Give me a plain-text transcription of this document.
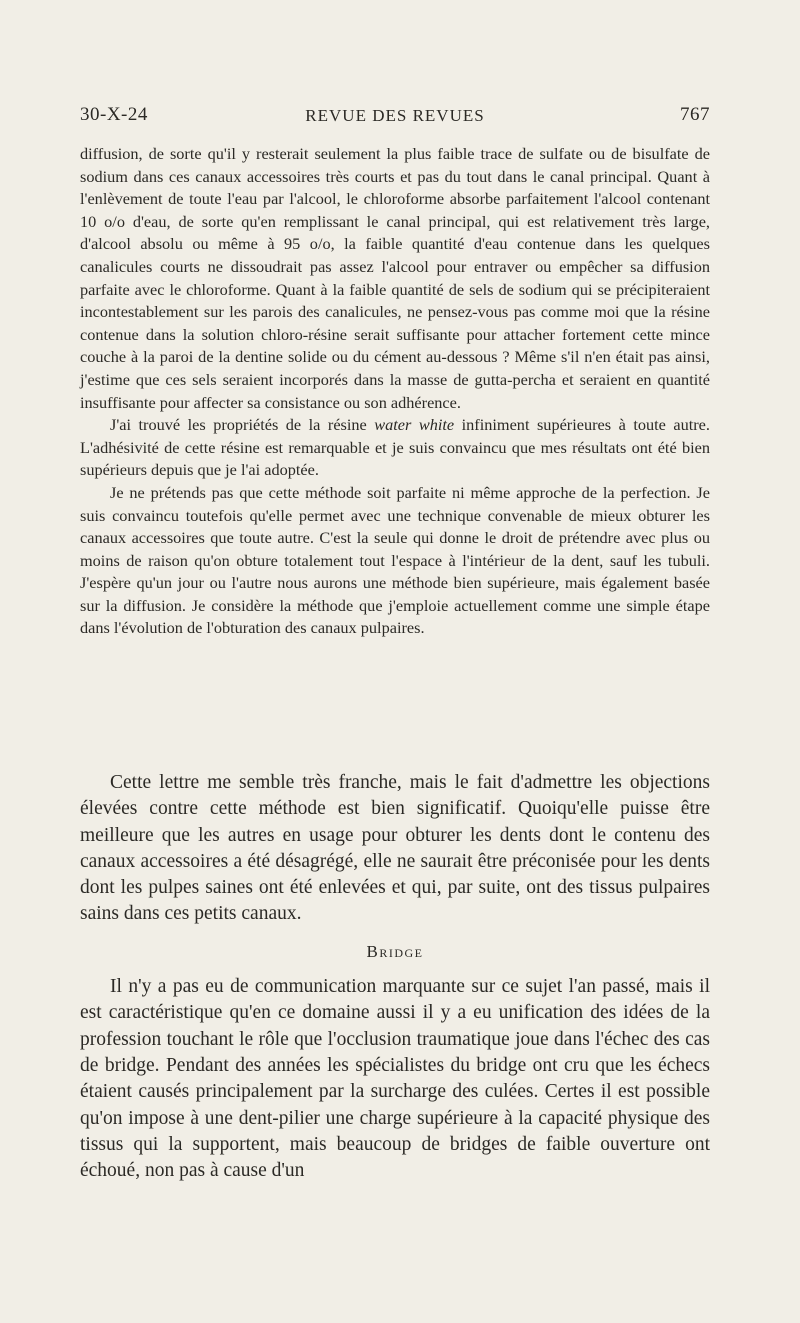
30-X-24	REVUE DES REVUES	767

diffusion, de sorte qu'il y resterait seulement la plus faible trace de sulfate ou de bisulfate de sodium dans ces canaux accessoires très courts et pas du tout dans le canal principal. Quant à l'enlèvement de toute l'eau par l'alcool, le chloroforme absorbe parfaitement l'alcool contenant 10 o/o d'eau, de sorte qu'en remplissant le canal principal, qui est relativement très large, d'alcool absolu ou même à 95 o/o, la faible quantité d'eau contenue dans les quelques canalicules courts ne dissoudrait pas assez l'alcool pour entraver ou empêcher sa diffusion parfaite avec le chloroforme. Quant à la faible quantité de sels de sodium qui se précipiteraient incontestablement sur les parois des canalicules, ne pensez-vous pas comme moi que la résine contenue dans la solution chloro-résine serait suffisante pour attacher fortement cette mince couche à la paroi de la dentine solide ou du cément au-dessous ? Même s'il n'en était pas ainsi, j'estime que ces sels seraient incorporés dans la masse de gutta-percha et seraient en quantité insuffisante pour affecter sa consistance ou son adhérence.

J'ai trouvé les propriétés de la résine water white infiniment supérieures à toute autre. L'adhésivité de cette résine est remarquable et je suis convaincu que mes résultats ont été bien supérieurs depuis que je l'ai adoptée.

Je ne prétends pas que cette méthode soit parfaite ni même approche de la perfection. Je suis convaincu toutefois qu'elle permet avec une technique convenable de mieux obturer les canaux accessoires que toute autre. C'est la seule qui donne le droit de prétendre avec plus ou moins de raison qu'on obture totalement tout l'espace à l'intérieur de la dent, sauf les tubuli. J'espère qu'un jour ou l'autre nous aurons une méthode bien supérieure, mais également basée sur la diffusion. Je considère la méthode que j'emploie actuellement comme une simple étape dans l'évolution de l'obturation des canaux pulpaires.

Cette lettre me semble très franche, mais le fait d'admettre les objections élevées contre cette méthode est bien significatif. Quoiqu'elle puisse être meilleure que les autres en usage pour obturer les dents dont le contenu des canaux accessoires a été désagrégé, elle ne saurait être préconisée pour les dents dont les pulpes saines ont été enlevées et qui, par suite, ont des tissus pulpaires sains dans ces petits canaux.

Bridge

Il n'y a pas eu de communication marquante sur ce sujet l'an passé, mais il est caractéristique qu'en ce domaine aussi il y a eu unification des idées de la profession touchant le rôle que l'occlusion traumatique joue dans l'échec des cas de bridge. Pendant des années les spécialistes du bridge ont cru que les échecs étaient causés principalement par la surcharge des culées. Certes il est possible qu'on impose à une dent-pilier une charge supérieure à la capacité physique des tissus qui la supportent, mais beaucoup de bridges de faible ouverture ont échoué, non pas à cause d'un
